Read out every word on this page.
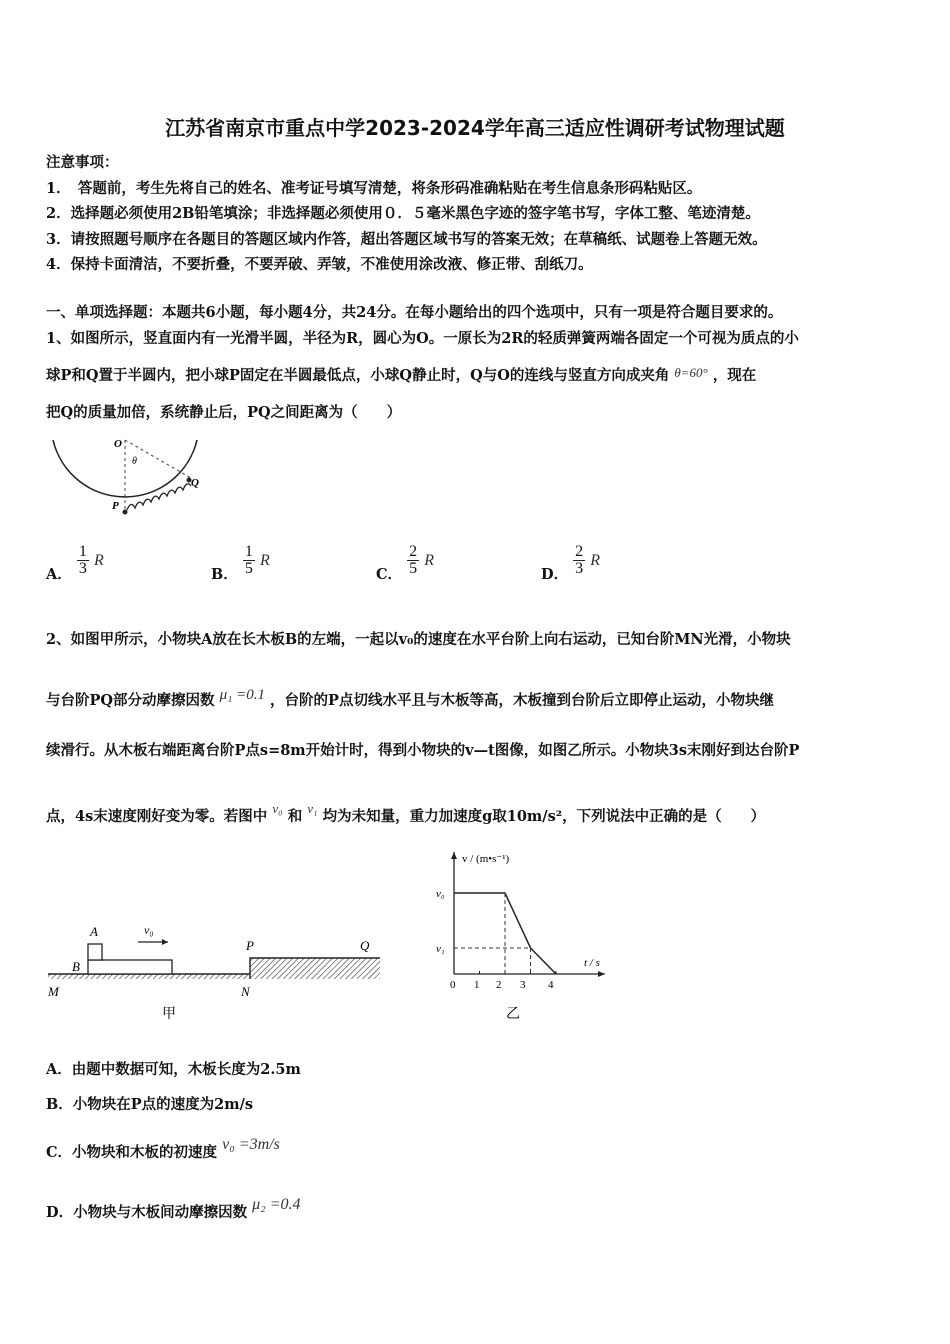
江苏省南京市重点中学2023-2024学年高三适应性调研考试物理试题
注意事项：
1．　答题前，考生先将自己的姓名、准考证号填写清楚，将条形码准确粘贴在考生信息条形码粘贴区。
2．选择题必须使用2B铅笔填涂；非选择题必须使用０．５毫米黑色字迹的签字笔书写，字体工整、笔迹清楚。
3．请按照题号顺序在各题目的答题区域内作答，超出答题区域书写的答案无效；在草稿纸、试题卷上答题无效。
4．保持卡面清洁，不要折叠，不要弄破、弄皱，不准使用涂改液、修正带、刮纸刀。
一、单项选择题：本题共6小题，每小题4分，共24分。在每小题给出的四个选项中，只有一项是符合题目要求的。
1、如图所示，竖直面内有一光滑半圆，半径为R，圆心为O。一原长为2R的轻质弹簧两端各固定一个可视为质点的小
球P和Q置于半圆内，把小球P固定在半圆最低点，小球Q静止时，Q与O的连线与竖直方向成夹角 θ=60° ，现在
把Q的质量加倍，系统静止后，PQ之间距离为（　　）
O
θ
P
Q
A． $\frac{1}{3}$ R
B． $\frac{1}{5}$ R
C． $\frac{2}{5}$ R
D． $\frac{2}{3}$ R
2、如图甲所示，小物块A放在长木板B的左端，一起以v₀的速度在水平台阶上向右运动，已知台阶MN光滑，小物块
与台阶PQ部分动摩擦因数 μ₁ =0.1 ，台阶的P点切线水平且与木板等高，木板撞到台阶后立即停止运动，小物块继
续滑行。从木板右端距离台阶P点s=8m开始计时，得到小物块的v—t图像，如图乙所示。小物块3s末刚好到达台阶P
点，4s末速度刚好变为零。若图中 v₀ 和 v₁ 均为未知量，重力加速度g取10m/s²，下列说法中正确的是（　　）
A
B
v₀
P	Q
M	N
甲
v / (m•s⁻¹)
t / s
v₀
v₁
0 1 2 3 4
乙
A．由题中数据可知，木板长度为2.5m
B．小物块在P点的速度为2m/s
C．小物块和木板的初速度 v₀ =3m/s
D．小物块与木板间动摩擦因数 μ₂ =0.4
